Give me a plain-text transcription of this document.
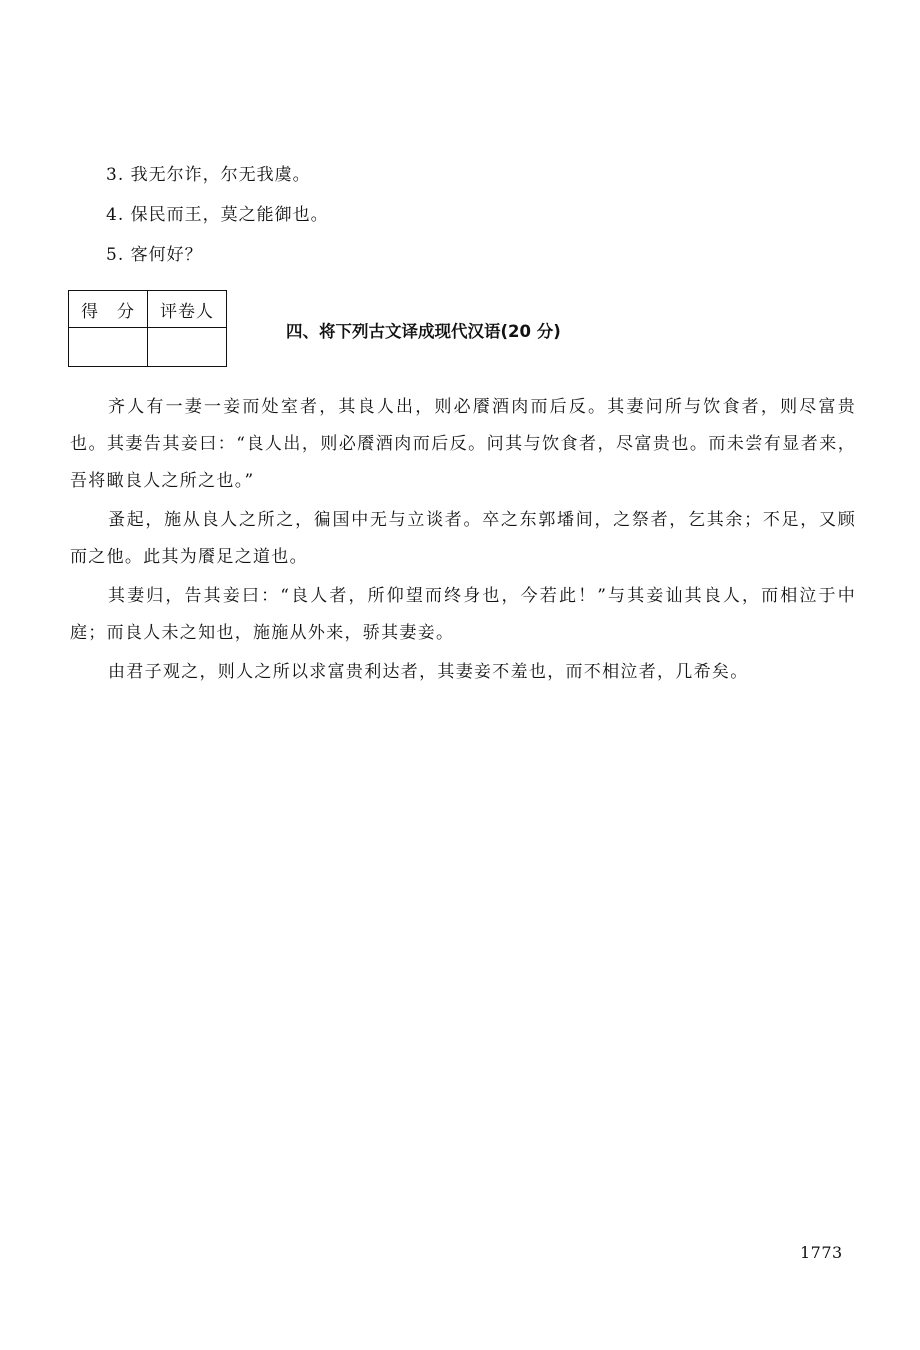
3. 我无尔诈，尔无我虞。
4. 保民而王，莫之能御也。
5. 客何好？
得　分	评卷人

四、将下列古文译成现代汉语(20 分)

齐人有一妻一妾而处室者，其良人出，则必餍酒肉而后反。其妻问所与饮食者，则尽富贵也。其妻告其妾曰：“良人出，则必餍酒肉而后反。问其与饮食者，尽富贵也。而未尝有显者来，吾将瞰良人之所之也。”

蚤起，施从良人之所之，徧国中无与立谈者。卒之东郭墦间，之祭者，乞其余；不足，又顾而之他。此其为餍足之道也。

其妻归，告其妾曰：“良人者，所仰望而终身也，今若此！”与其妾讪其良人，而相泣于中庭；而良人未之知也，施施从外来，骄其妻妾。

由君子观之，则人之所以求富贵利达者，其妻妾不羞也，而不相泣者，几希矣。

1773
